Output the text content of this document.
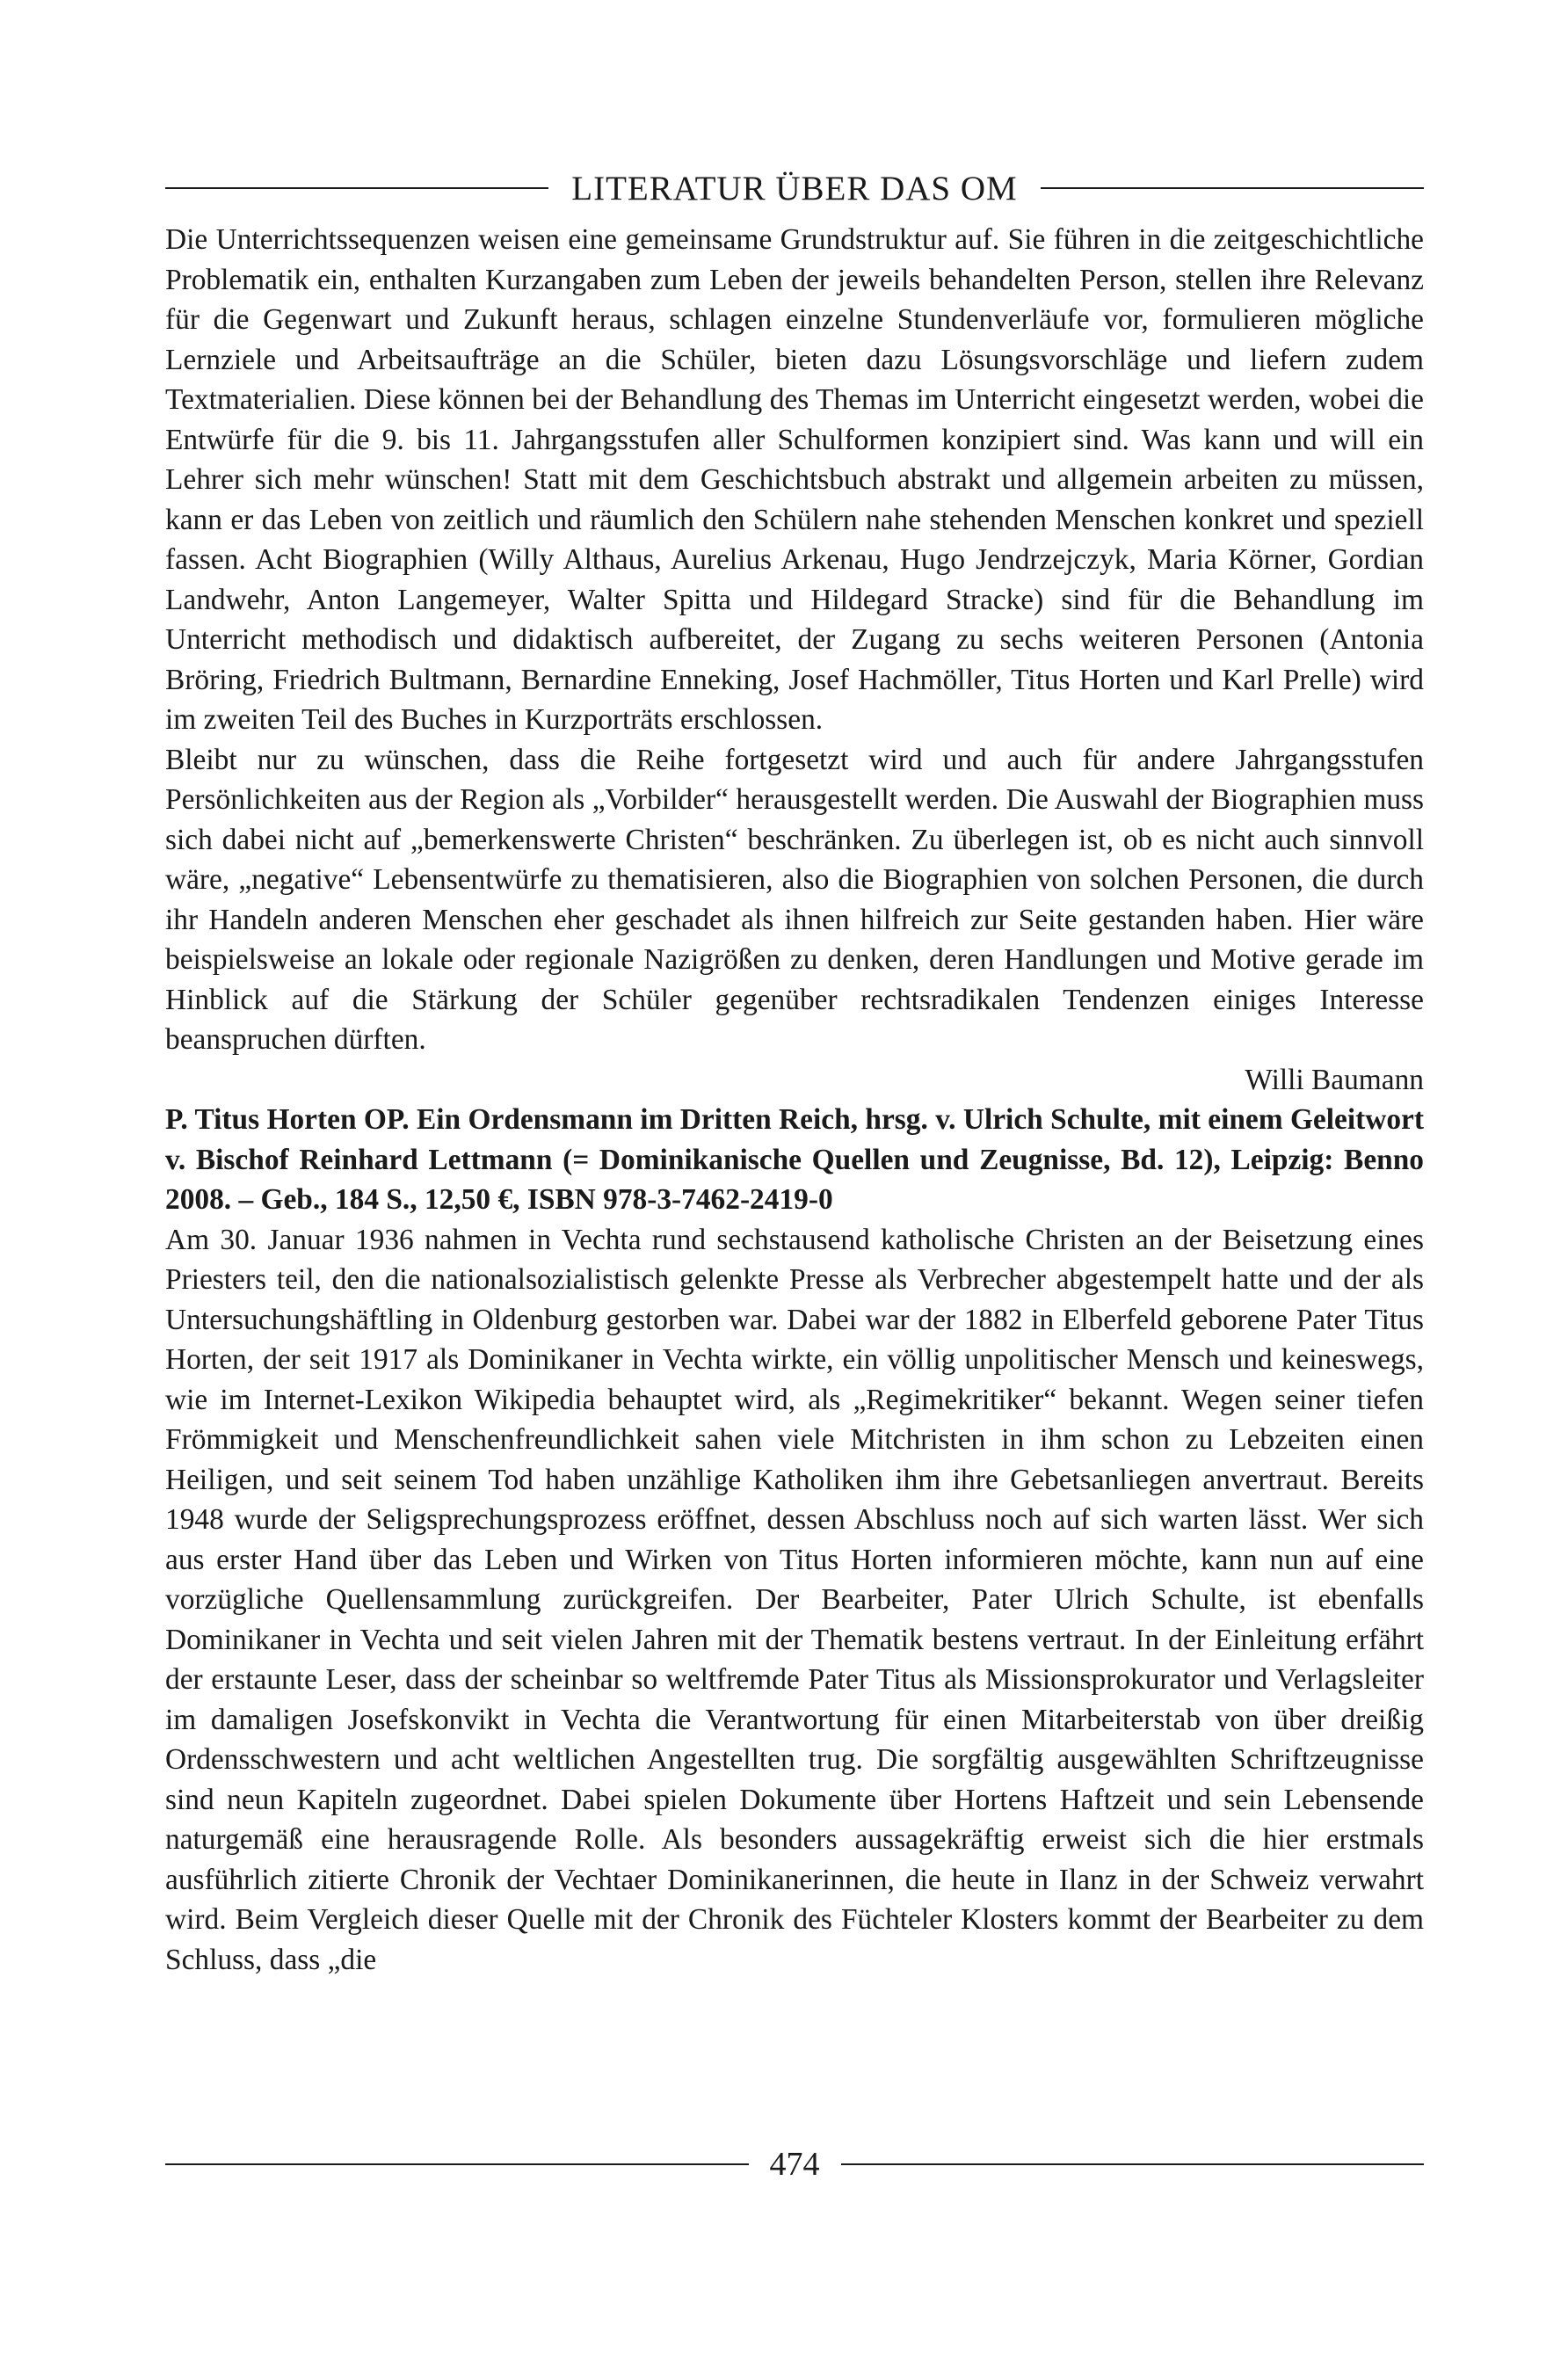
LITERATUR ÜBER DAS OM

Die Unterrichtssequenzen weisen eine gemeinsame Grundstruktur auf. Sie führen in die zeitgeschichtliche Problematik ein, enthalten Kurzangaben zum Leben der jeweils behandelten Person, stellen ihre Relevanz für die Gegenwart und Zukunft heraus, schlagen einzelne Stundenverläufe vor, formulieren mögliche Lernziele und Arbeitsaufträge an die Schüler, bieten dazu Lösungsvorschläge und liefern zudem Textmaterialien. Diese können bei der Behandlung des Themas im Unterricht eingesetzt werden, wobei die Entwürfe für die 9. bis 11. Jahrgangsstufen aller Schulformen konzipiert sind. Was kann und will ein Lehrer sich mehr wünschen! Statt mit dem Geschichtsbuch abstrakt und allgemein arbeiten zu müssen, kann er das Leben von zeitlich und räumlich den Schülern nahe stehenden Menschen konkret und speziell fassen. Acht Biographien (Willy Althaus, Aurelius Arkenau, Hugo Jendrzejczyk, Maria Körner, Gordian Landwehr, Anton Langemeyer, Walter Spitta und Hildegard Stracke) sind für die Behandlung im Unterricht methodisch und didaktisch aufbereitet, der Zugang zu sechs weiteren Personen (Antonia Bröring, Friedrich Bultmann, Bernardine Enneking, Josef Hachmöller, Titus Horten und Karl Prelle) wird im zweiten Teil des Buches in Kurzporträts erschlossen.

Bleibt nur zu wünschen, dass die Reihe fortgesetzt wird und auch für andere Jahrgangsstufen Persönlichkeiten aus der Region als „Vorbilder“ herausgestellt werden. Die Auswahl der Biographien muss sich dabei nicht auf „bemerkenswerte Christen“ beschränken. Zu überlegen ist, ob es nicht auch sinnvoll wäre, „negative“ Lebensentwürfe zu thematisieren, also die Biographien von solchen Personen, die durch ihr Handeln anderen Menschen eher geschadet als ihnen hilfreich zur Seite gestanden haben. Hier wäre beispielsweise an lokale oder regionale Nazigrößen zu denken, deren Handlungen und Motive gerade im Hinblick auf die Stärkung der Schüler gegenüber rechtsradikalen Tendenzen einiges Interesse beanspruchen dürften.

Willi Baumann

P. Titus Horten OP. Ein Ordensmann im Dritten Reich, hrsg. v. Ulrich Schulte, mit einem Geleitwort v. Bischof Reinhard Lettmann (= Dominikanische Quellen und Zeugnisse, Bd. 12), Leipzig: Benno 2008. – Geb., 184 S., 12,50 €, ISBN 978-3-7462-2419-0

Am 30. Januar 1936 nahmen in Vechta rund sechstausend katholische Christen an der Beisetzung eines Priesters teil, den die nationalsozialistisch gelenkte Presse als Verbrecher abgestempelt hatte und der als Untersuchungshäftling in Oldenburg gestorben war. Dabei war der 1882 in Elberfeld geborene Pater Titus Horten, der seit 1917 als Dominikaner in Vechta wirkte, ein völlig unpolitischer Mensch und keineswegs, wie im Internet-Lexikon Wikipedia behauptet wird, als „Regimekritiker“ bekannt. Wegen seiner tiefen Frömmigkeit und Menschenfreundlichkeit sahen viele Mitchristen in ihm schon zu Lebzeiten einen Heiligen, und seit seinem Tod haben unzählige Katholiken ihm ihre Gebetsanliegen anvertraut. Bereits 1948 wurde der Seligsprechungsprozess eröffnet, dessen Abschluss noch auf sich warten lässt. Wer sich aus erster Hand über das Leben und Wirken von Titus Horten informieren möchte, kann nun auf eine vorzügliche Quellensammlung zurückgreifen. Der Bearbeiter, Pater Ulrich Schulte, ist ebenfalls Dominikaner in Vechta und seit vielen Jahren mit der Thematik bestens vertraut. In der Einleitung erfährt der erstaunte Leser, dass der scheinbar so weltfremde Pater Titus als Missionsprokurator und Verlagsleiter im damaligen Josefskonvikt in Vechta die Verantwortung für einen Mitarbeiterstab von über dreißig Ordensschwestern und acht weltlichen Angestellten trug. Die sorgfältig ausgewählten Schriftzeugnisse sind neun Kapiteln zugeordnet. Dabei spielen Dokumente über Hortens Haftzeit und sein Lebensende naturgemäß eine herausragende Rolle. Als besonders aussagekräftig erweist sich die hier erstmals ausführlich zitierte Chronik der Vechtaer Dominikanerinnen, die heute in Ilanz in der Schweiz verwahrt wird. Beim Vergleich dieser Quelle mit der Chronik des Füchteler Klosters kommt der Bearbeiter zu dem Schluss, dass „die

474
